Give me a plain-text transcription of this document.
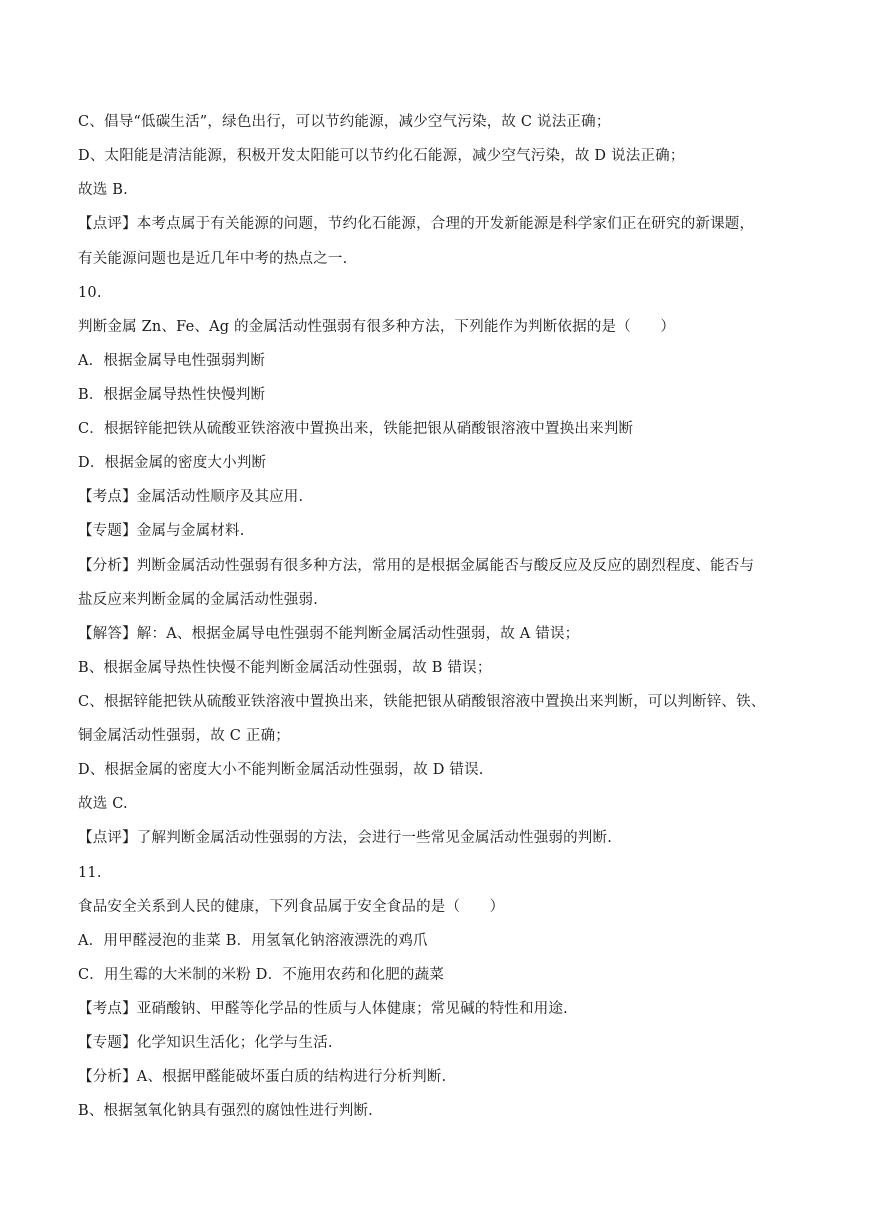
C、倡导“低碳生活”，绿色出行，可以节约能源，减少空气污染，故 C 说法正确；

D、太阳能是清洁能源，积极开发太阳能可以节约化石能源，减少空气污染，故 D 说法正确；

故选 B.

【点评】本考点属于有关能源的问题，节约化石能源，合理的开发新能源是科学家们正在研究的新课题，

有关能源问题也是近几年中考的热点之一.

10.

判断金属 Zn、Fe、Ag 的金属活动性强弱有很多种方法，下列能作为判断依据的是（　　）

A．根据金属导电性强弱判断

B．根据金属导热性快慢判断

C．根据锌能把铁从硫酸亚铁溶液中置换出来，铁能把银从硝酸银溶液中置换出来判断

D．根据金属的密度大小判断

【考点】金属活动性顺序及其应用.

【专题】金属与金属材料.

【分析】判断金属活动性强弱有很多种方法，常用的是根据金属能否与酸反应及反应的剧烈程度、能否与

盐反应来判断金属的金属活动性强弱.

【解答】解：A、根据金属导电性强弱不能判断金属活动性强弱，故 A 错误；

B、根据金属导热性快慢不能判断金属活动性强弱，故 B 错误；

C、根据锌能把铁从硫酸亚铁溶液中置换出来，铁能把银从硝酸银溶液中置换出来判断，可以判断锌、铁、

铜金属活动性强弱，故 C 正确；

D、根据金属的密度大小不能判断金属活动性强弱，故 D 错误.

故选 C.

【点评】了解判断金属活动性强弱的方法，会进行一些常见金属活动性强弱的判断.

11.

食品安全关系到人民的健康，下列食品属于安全食品的是（　　）

A．用甲醛浸泡的韭菜 B．用氢氧化钠溶液漂洗的鸡爪

C．用生霉的大米制的米粉 D．不施用农药和化肥的蔬菜

【考点】亚硝酸钠、甲醛等化学品的性质与人体健康；常见碱的特性和用途.

【专题】化学知识生活化；化学与生活.

【分析】A、根据甲醛能破坏蛋白质的结构进行分析判断.

B、根据氢氧化钠具有强烈的腐蚀性进行判断.
